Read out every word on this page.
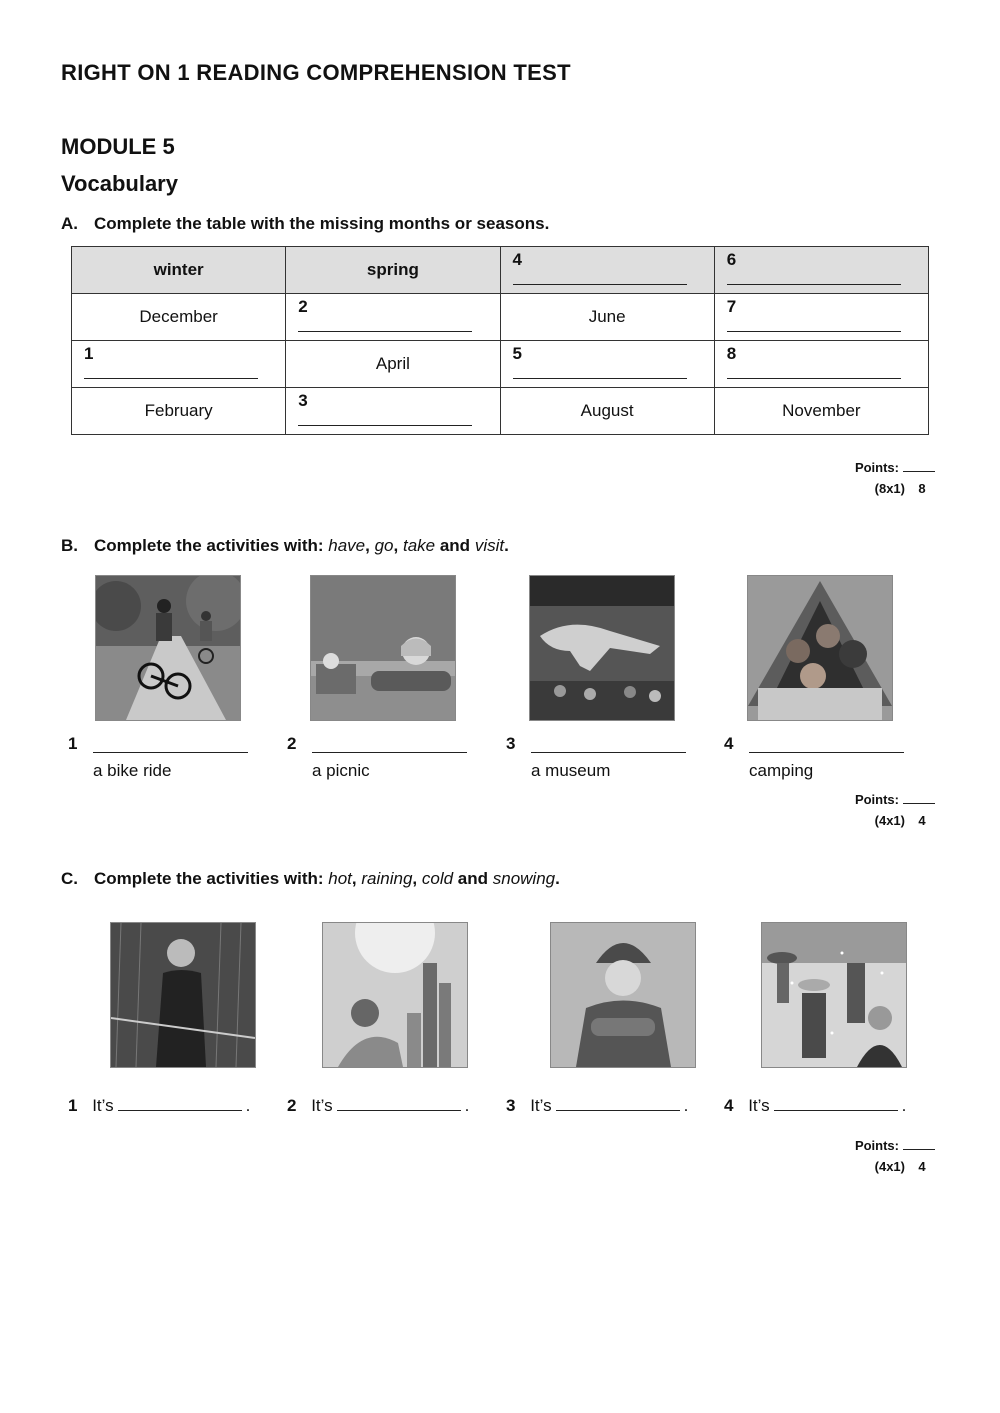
RIGHT ON 1 READING COMPREHENSION TEST
MODULE 5
Vocabulary
A. Complete the table with the missing months or seasons.
winter	spring	4	6
December	2	June	7
1	April	5	8
February	3	August	November
Points:
(8x1) 8
B. Complete the activities with: have, go, take and visit.
1
a bike ride
2
a picnic
3
a museum
4
camping
Points:
(4x1) 4
C. Complete the activities with: hot, raining, cold and snowing.
1 It’s	. 2 It’s	. 3 It’s	. 4 It’s	.
Points:
(4x1) 4
